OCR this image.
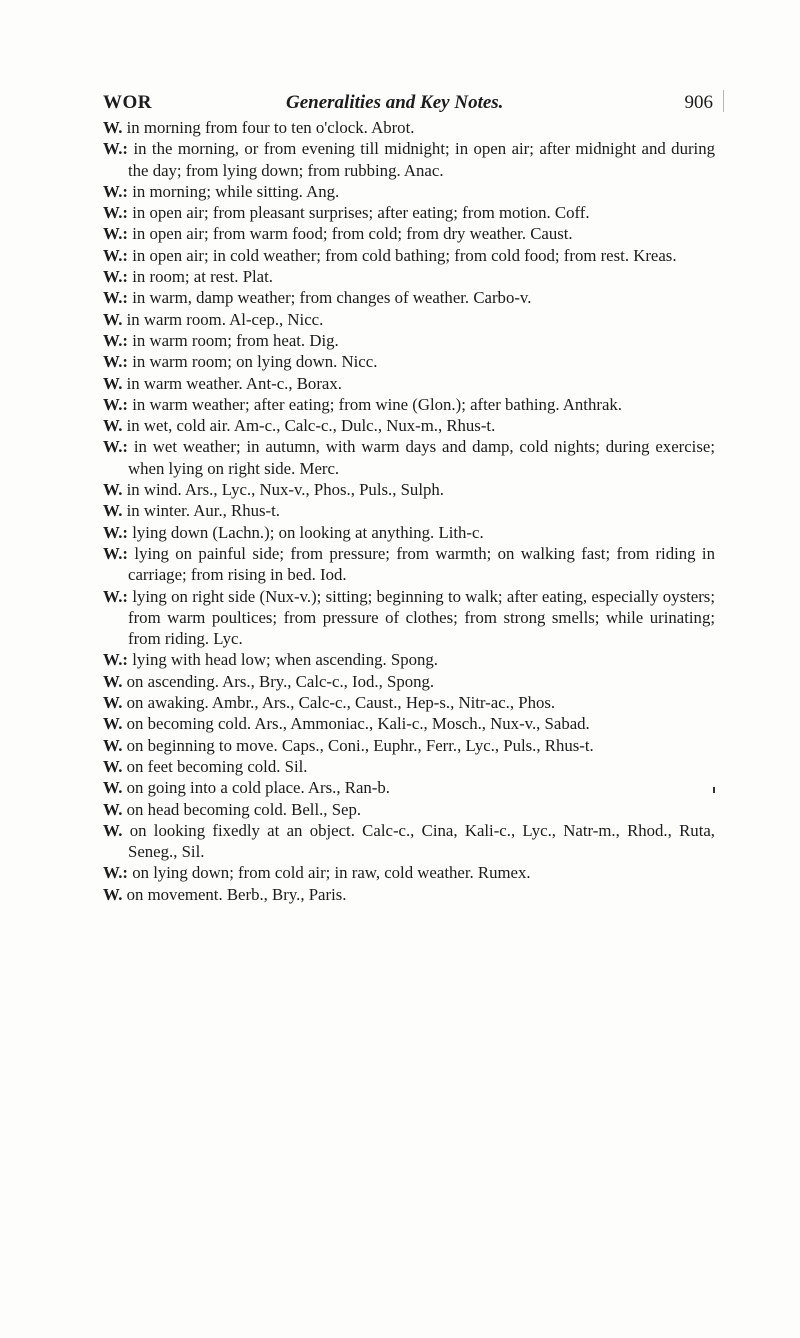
WOR	Generalities and Key Notes.	906
W. in morning from four to ten o'clock. Abrot.
W.: in the morning, or from evening till midnight; in open air; after midnight and during the day; from lying down; from rubbing. Anac.
W.: in morning; while sitting. Ang.
W.: in open air; from pleasant surprises; after eating; from motion. Coff.
W.: in open air; from warm food; from cold; from dry weather. Caust.
W.: in open air; in cold weather; from cold bathing; from cold food; from rest. Kreas.
W.: in room; at rest. Plat.
W.: in warm, damp weather; from changes of weather. Carbo-v.
W. in warm room. Al-cep., Nicc.
W.: in warm room; from heat. Dig.
W.: in warm room; on lying down. Nicc.
W. in warm weather. Ant-c., Borax.
W.: in warm weather; after eating; from wine (Glon.); after bathing. Anthrak.
W. in wet, cold air. Am-c., Calc-c., Dulc., Nux-m., Rhus-t.
W.: in wet weather; in autumn, with warm days and damp, cold nights; during exercise; when lying on right side. Merc.
W. in wind. Ars., Lyc., Nux-v., Phos., Puls., Sulph.
W. in winter. Aur., Rhus-t.
W.: lying down (Lachn.); on looking at anything. Lith-c.
W.: lying on painful side; from pressure; from warmth; on walking fast; from riding in carriage; from rising in bed. Iod.
W.: lying on right side (Nux-v.); sitting; beginning to walk; after eating, especially oysters; from warm poultices; from pressure of clothes; from strong smells; while urinating; from riding. Lyc.
W.: lying with head low; when ascending. Spong.
W. on ascending. Ars., Bry., Calc-c., Iod., Spong.
W. on awaking. Ambr., Ars., Calc-c., Caust., Hep-s., Nitr-ac., Phos.
W. on becoming cold. Ars., Ammoniac., Kali-c., Mosch., Nux-v., Sabad.
W. on beginning to move. Caps., Coni., Euphr., Ferr., Lyc., Puls., Rhus-t.
W. on feet becoming cold. Sil.
W. on going into a cold place. Ars., Ran-b.
W. on head becoming cold. Bell., Sep.
W. on looking fixedly at an object. Calc-c., Cina, Kali-c., Lyc., Natr-m., Rhod., Ruta, Seneg., Sil.
W.: on lying down; from cold air; in raw, cold weather. Rumex.
W. on movement. Berb., Bry., Paris.
